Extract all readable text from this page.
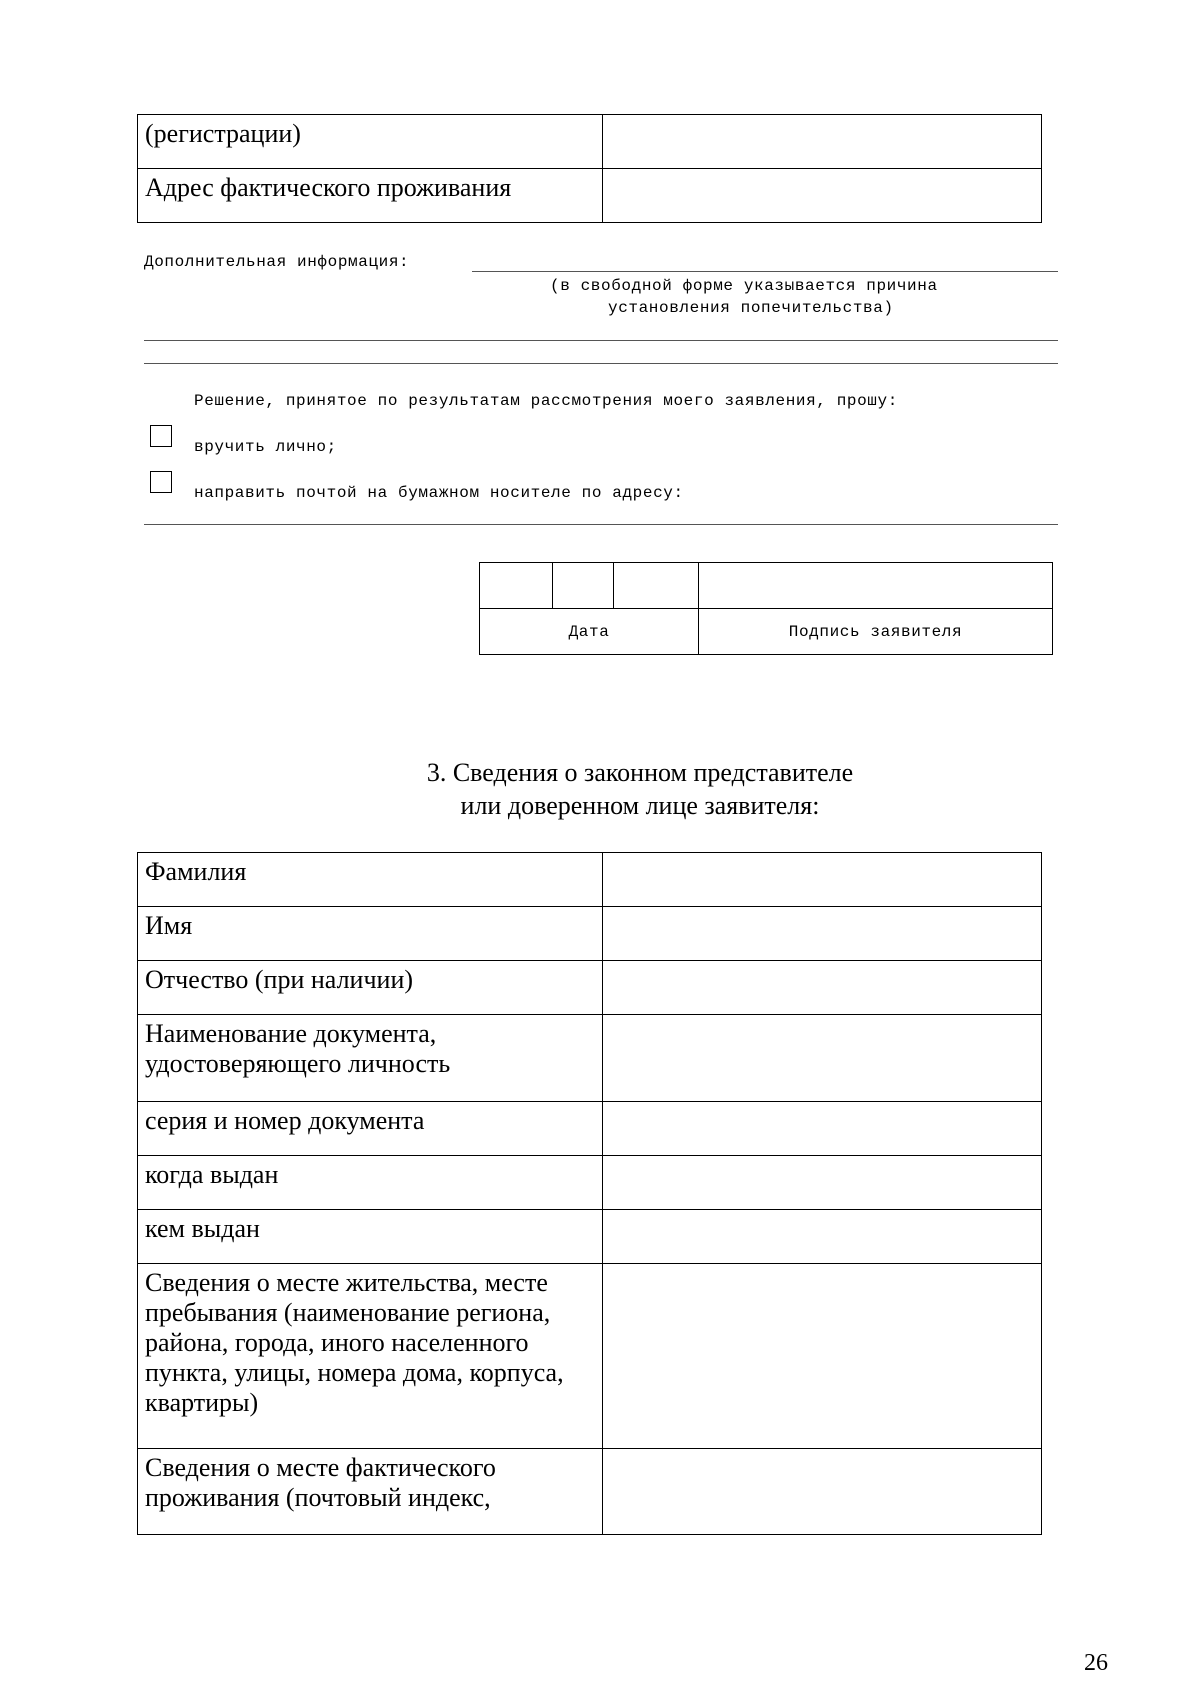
(регистрации)	
Адрес фактического проживания	
Дополнительная информация:
(в свободной форме указывается причина
установления попечительства)
Решение, принятое по результатам рассмотрения моего заявления, прошу:
вручить лично;
направить почтой на бумажном носителе по адресу:

Дата			Подпись заявителя
3. Сведения о законном представителе
или доверенном лице заявителя:
Фамилия	
Имя	
Отчество (при наличии)	
Наименование документа, удостоверяющего личность	
серия и номер документа	
когда выдан	
кем выдан	
Сведения о месте жительства, месте пребывания (наименование региона, района, города, иного населенного пункта, улицы, номера дома, корпуса, квартиры)	
Сведения о месте фактического проживания (почтовый индекс,	
26
